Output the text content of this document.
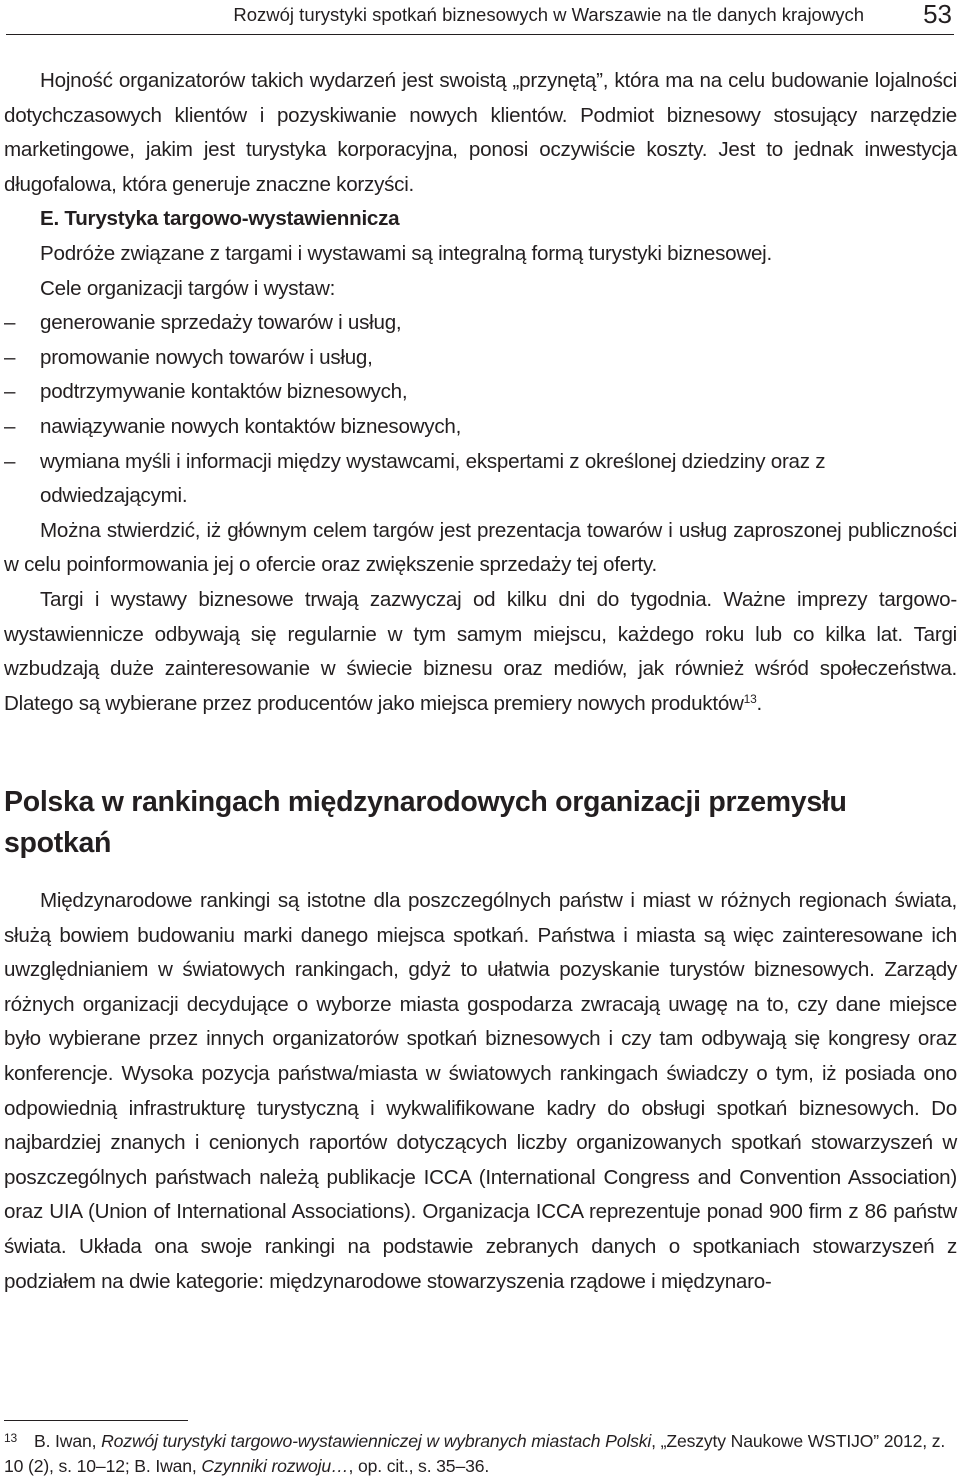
Rozwój turystyki spotkań biznesowych w Warszawie na tle danych krajowych 53

Hojność organizatorów takich wydarzeń jest swoistą „przynętą”, która ma na celu budowanie lojalności dotychczasowych klientów i pozyskiwanie nowych klientów. Podmiot biznesowy stosujący narzędzie marketingowe, jakim jest turystyka korporacyjna, ponosi oczywiście koszty. Jest to jednak inwestycja długofalowa, która generuje znaczne korzyści.

E. Turystyka targowo-wystawiennicza

Podróże związane z targami i wystawami są integralną formą turystyki biznesowej.

Cele organizacji targów i wystaw:

–	generowanie sprzedaży towarów i usług,
–	promowanie nowych towarów i usług,
–	podtrzymywanie kontaktów biznesowych,
–	nawiązywanie nowych kontaktów biznesowych,
–	wymiana myśli i informacji między wystawcami, ekspertami z określonej dziedziny oraz z odwiedzającymi.

Można stwierdzić, iż głównym celem targów jest prezentacja towarów i usług zaproszonej publiczności w celu poinformowania jej o ofercie oraz zwiększenie sprzedaży tej oferty.

Targi i wystawy biznesowe trwają zazwyczaj od kilku dni do tygodnia. Ważne imprezy targowo-wystawiennicze odbywają się regularnie w tym samym miejscu, każdego roku lub co kilka lat. Targi wzbudzają duże zainteresowanie w świecie biznesu oraz mediów, jak również wśród społeczeństwa. Dlatego są wybierane przez producentów jako miejsca premiery nowych produktów$^{13}$.

Polska w rankingach międzynarodowych organizacji przemysłu spotkań

Międzynarodowe rankingi są istotne dla poszczególnych państw i miast w różnych regionach świata, służą bowiem budowaniu marki danego miejsca spotkań. Państwa i miasta są więc zainteresowane ich uwzględnianiem w światowych rankingach, gdyż to ułatwia pozyskanie turystów biznesowych. Zarządy różnych organizacji decydujące o wyborze miasta gospodarza zwracają uwagę na to, czy dane miejsce było wybierane przez innych organizatorów spotkań biznesowych i czy tam odbywają się kongresy oraz konferencje. Wysoka pozycja państwa/miasta w światowych rankingach świadczy o tym, iż posiada ono odpowiednią infrastrukturę turystyczną i wykwalifikowane kadry do obsługi spotkań biznesowych. Do najbardziej znanych i cenionych raportów dotyczących liczby organizowanych spotkań stowarzyszeń w poszczególnych państwach należą publikacje ICCA (International Congress and Convention Association) oraz UIA (Union of International Associations). Organizacja ICCA reprezentuje ponad 900 firm z 86 państw świata. Układa ona swoje rankingi na podstawie zebranych danych o spotkaniach stowarzyszeń z podziałem na dwie kategorie: międzynarodowe stowarzyszenia rządowe i międzynaro-

13 B. Iwan, Rozwój turystyki targowo-wystawienniczej w wybranych miastach Polski, „Zeszyty Naukowe WSTIJO” 2012, z. 10 (2), s. 10–12; B. Iwan, Czynniki rozwoju…, op. cit., s. 35–36.
